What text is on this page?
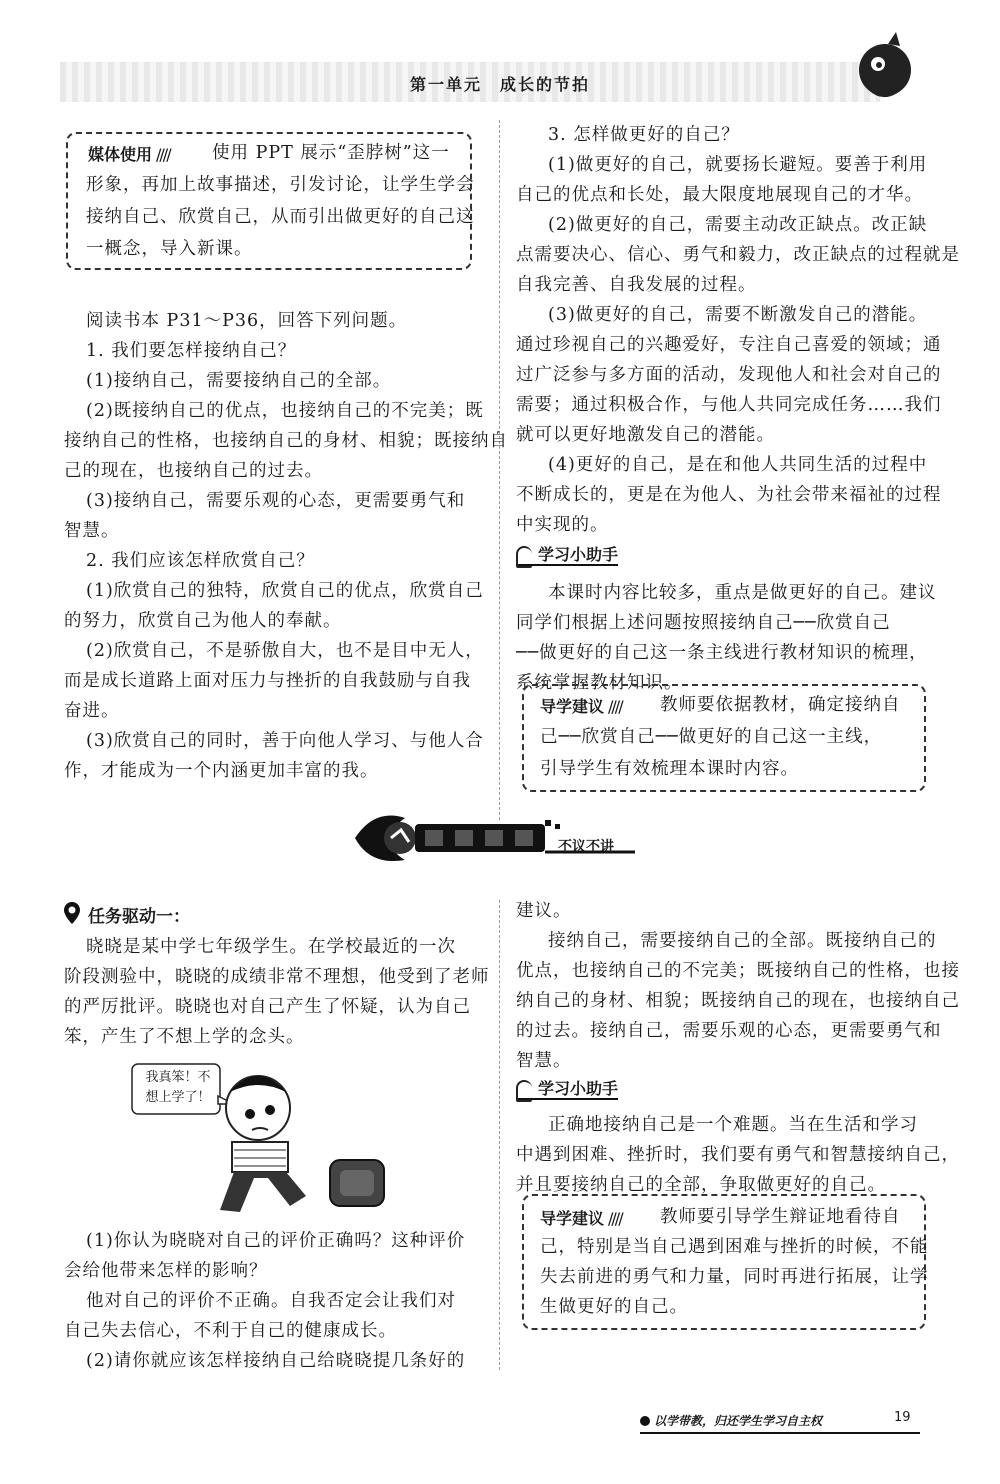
第一单元　成长的节拍
媒体使用 //// 使用 PPT 展示“歪脖树”这一

形象，再加上故事描述，引发讨论，让学生学会

接纳自己、欣赏自己，从而引出做更好的自己这

一概念，导入新课。

阅读书本 P31～P36，回答下列问题。

1. 我们要怎样接纳自己？

(1)接纳自己，需要接纳自己的全部。

(2)既接纳自己的优点，也接纳自己的不完美；既

接纳自己的性格，也接纳自己的身材、相貌；既接纳自

己的现在，也接纳自己的过去。

(3)接纳自己，需要乐观的心态，更需要勇气和

智慧。

2. 我们应该怎样欣赏自己？

(1)欣赏自己的独特，欣赏自己的优点，欣赏自己

的努力，欣赏自己为他人的奉献。

(2)欣赏自己，不是骄傲自大，也不是目中无人，

而是成长道路上面对压力与挫折的自我鼓励与自我

奋进。

(3)欣赏自己的同时，善于向他人学习、与他人合

作，才能成为一个内涵更加丰富的我。

3. 怎样做更好的自己？

(1)做更好的自己，就要扬长避短。要善于利用

自己的优点和长处，最大限度地展现自己的才华。

(2)做更好的自己，需要主动改正缺点。改正缺

点需要决心、信心、勇气和毅力，改正缺点的过程就是

自我完善、自我发展的过程。

(3)做更好的自己，需要不断激发自己的潜能。

通过珍视自己的兴趣爱好，专注自己喜爱的领域；通

过广泛参与多方面的活动，发现他人和社会对自己的

需要；通过积极合作，与他人共同完成任务……我们

就可以更好地激发自己的潜能。

(4)更好的自己，是在和他人共同生活的过程中

不断成长的，更是在为他人、为社会带来福祉的过程

中实现的。

学习小助手

本课时内容比较多，重点是做更好的自己。建议

同学们根据上述问题按照接纳自己──欣赏自己

──做更好的自己这一条主线进行教材知识的梳理，

系统掌握教材知识。

导学建议 //// 教师要依据教材，确定接纳自

己──欣赏自己──做更好的自己这一主线，

引导学生有效梳理本课时内容。

不议不讲
任务驱动一：

晓晓是某中学七年级学生。在学校最近的一次

阶段测验中，晓晓的成绩非常不理想，他受到了老师

的严厉批评。晓晓也对自己产生了怀疑，认为自己

笨，产生了不想上学的念头。

我真笨！不
想上学了！

(1)你认为晓晓对自己的评价正确吗？这种评价

会给他带来怎样的影响？

他对自己的评价不正确。自我否定会让我们对

自己失去信心，不利于自己的健康成长。

(2)请你就应该怎样接纳自己给晓晓提几条好的

建议。

接纳自己，需要接纳自己的全部。既接纳自己的

优点，也接纳自己的不完美；既接纳自己的性格，也接

纳自己的身材、相貌；既接纳自己的现在，也接纳自己

的过去。接纳自己，需要乐观的心态，更需要勇气和

智慧。

学习小助手

正确地接纳自己是一个难题。当在生活和学习

中遇到困难、挫折时，我们要有勇气和智慧接纳自己，

并且要接纳自己的全部，争取做更好的自己。

导学建议 //// 教师要引导学生辩证地看待自

己，特别是当自己遇到困难与挫折的时候，不能

失去前进的勇气和力量，同时再进行拓展，让学

生做更好的自己。

以学带教，归还学生学习自主权	19
